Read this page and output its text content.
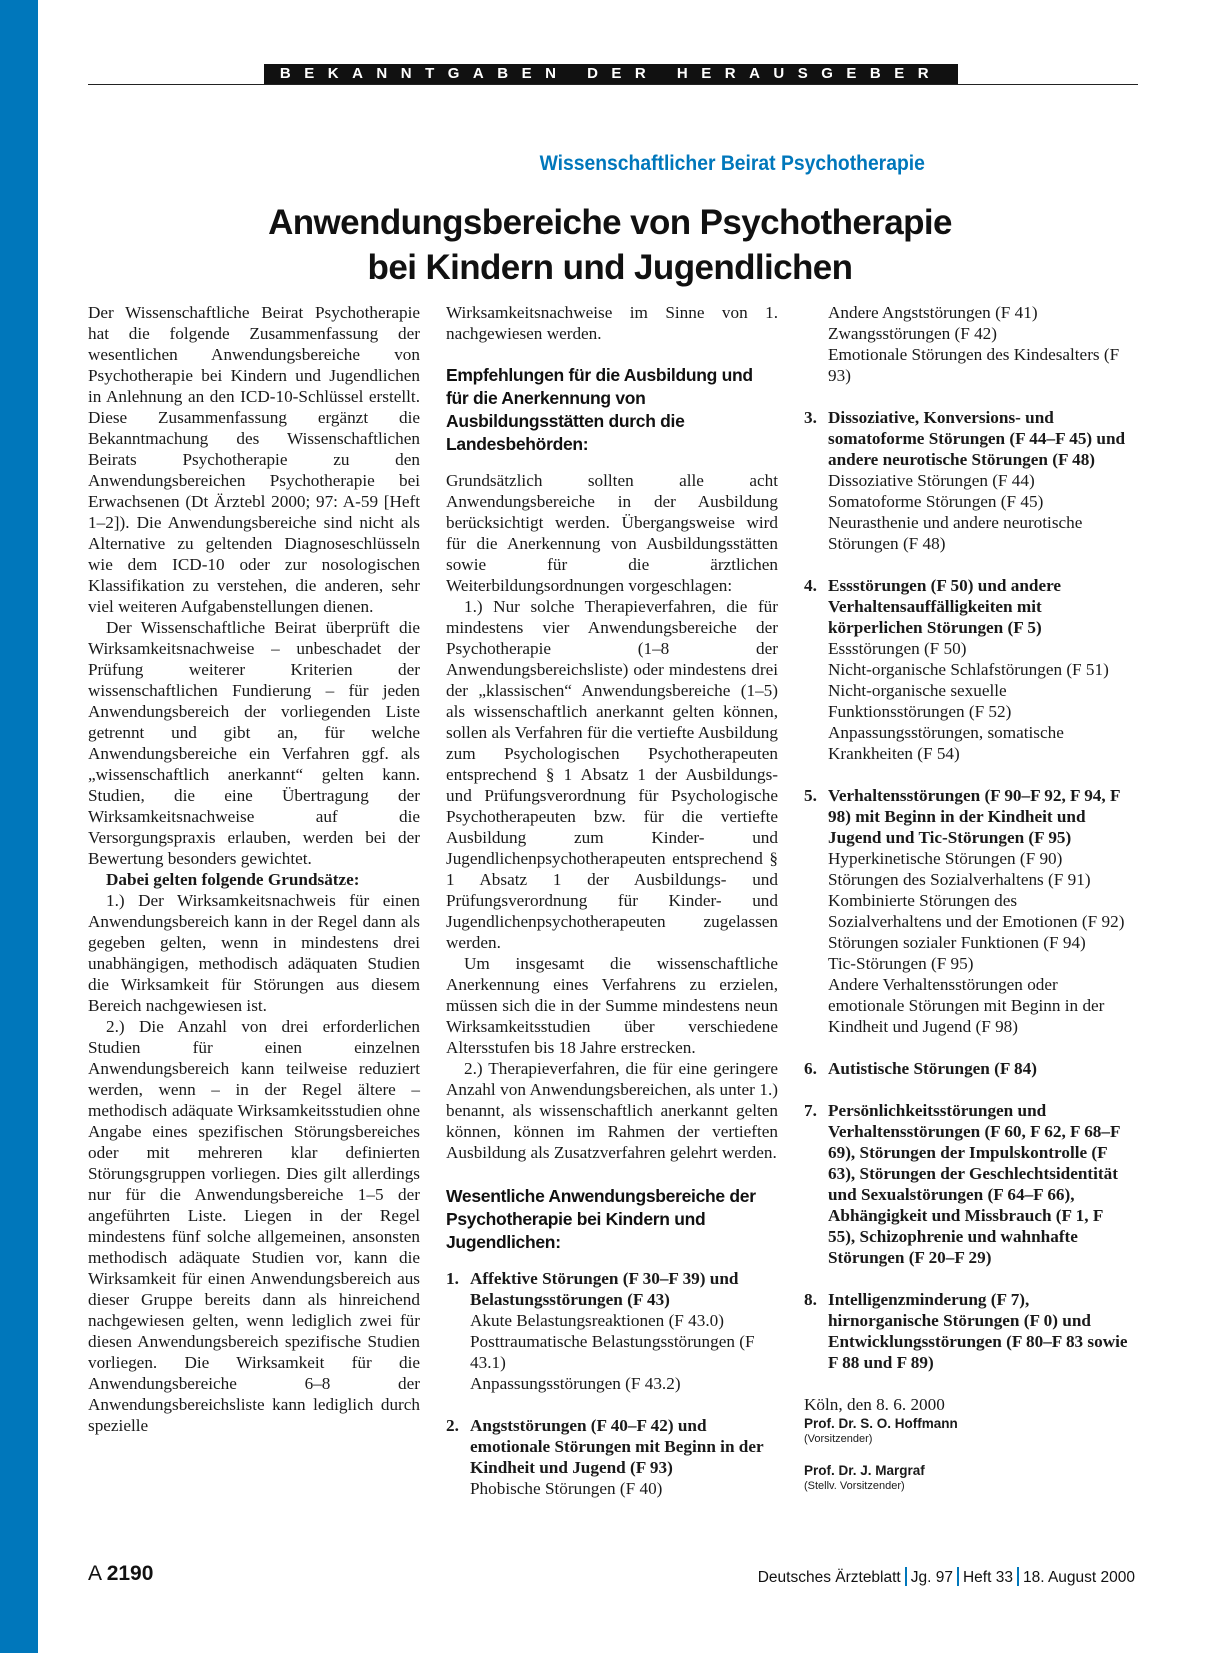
BEKANNTGABEN DER HERAUSGEBER
Wissenschaftlicher Beirat Psychotherapie
Anwendungsbereiche von Psychotherapie
bei Kindern und Jugendlichen

Der Wissenschaftliche Beirat Psychotherapie hat die folgende Zusammenfassung der wesentlichen Anwendungsbereiche von Psychotherapie bei Kindern und Jugendlichen in Anlehnung an den ICD-10-Schlüssel erstellt. Diese Zusammenfassung ergänzt die Bekanntmachung des Wissenschaftlichen Beirats Psychotherapie zu den Anwendungsbereichen Psychotherapie bei Erwachsenen (Dt Ärztebl 2000; 97: A-59 [Heft 1–2]). Die Anwendungsbereiche sind nicht als Alternative zu geltenden Diagnoseschlüsseln wie dem ICD-10 oder zur nosologischen Klassifikation zu verstehen, die anderen, sehr viel weiteren Aufgabenstellungen dienen.

Der Wissenschaftliche Beirat überprüft die Wirksamkeitsnachweise – unbeschadet der Prüfung weiterer Kriterien der wissenschaftlichen Fundierung – für jeden Anwendungsbereich der vorliegenden Liste getrennt und gibt an, für welche Anwendungsbereiche ein Verfahren ggf. als „wissenschaftlich anerkannt“ gelten kann. Studien, die eine Übertragung der Wirksamkeitsnachweise auf die Versorgungspraxis erlauben, werden bei der Bewertung besonders gewichtet.

Dabei gelten folgende Grundsätze:

1.) Der Wirksamkeitsnachweis für einen Anwendungsbereich kann in der Regel dann als gegeben gelten, wenn in mindestens drei unabhängigen, methodisch adäquaten Studien die Wirksamkeit für Störungen aus diesem Bereich nachgewiesen ist.

2.) Die Anzahl von drei erforderlichen Studien für einen einzelnen Anwendungsbereich kann teilweise reduziert werden, wenn – in der Regel ältere – methodisch adäquate Wirksamkeitsstudien ohne Angabe eines spezifischen Störungsbereiches oder mit mehreren klar definierten Störungsgruppen vorliegen. Dies gilt allerdings nur für die Anwendungsbereiche 1–5 der angeführten Liste. Liegen in der Regel mindestens fünf solche allgemeinen, ansonsten methodisch adäquate Studien vor, kann die Wirksamkeit für einen Anwendungsbereich aus dieser Gruppe bereits dann als hinreichend nachgewiesen gelten, wenn lediglich zwei für diesen Anwendungsbereich spezifische Studien vorliegen. Die Wirksamkeit für die Anwendungsbereiche 6–8 der Anwendungsbereichsliste kann lediglich durch spezielle

Wirksamkeitsnachweise im Sinne von 1. nachgewiesen werden.

Empfehlungen für die Ausbildung und für die Anerkennung von Ausbildungsstätten durch die Landesbehörden:

Grundsätzlich sollten alle acht Anwendungsbereiche in der Ausbildung berücksichtigt werden. Übergangsweise wird für die Anerkennung von Ausbildungsstätten sowie für die ärztlichen Weiterbildungsordnungen vorgeschlagen:

1.) Nur solche Therapieverfahren, die für mindestens vier Anwendungsbereiche der Psychotherapie (1–8 der Anwendungsbereichsliste) oder mindestens drei der „klassischen“ Anwendungsbereiche (1–5) als wissenschaftlich anerkannt gelten können, sollen als Verfahren für die vertiefte Ausbildung zum Psychologischen Psychotherapeuten entsprechend § 1 Absatz 1 der Ausbildungs- und Prüfungsverordnung für Psychologische Psychotherapeuten bzw. für die vertiefte Ausbildung zum Kinder- und Jugendlichenpsychotherapeuten entsprechend § 1 Absatz 1 der Ausbildungs- und Prüfungsverordnung für Kinder- und Jugendlichenpsychotherapeuten zugelassen werden.

Um insgesamt die wissenschaftliche Anerkennung eines Verfahrens zu erzielen, müssen sich die in der Summe mindestens neun Wirksamkeitsstudien über verschiedene Altersstufen bis 18 Jahre erstrecken.

2.) Therapieverfahren, die für eine geringere Anzahl von Anwendungsbereichen, als unter 1.) benannt, als wissenschaftlich anerkannt gelten können, können im Rahmen der vertieften Ausbildung als Zusatzverfahren gelehrt werden.

Wesentliche Anwendungsbereiche der Psychotherapie bei Kindern und Jugendlichen:
1. Affektive Störungen (F 30–F 39) und Belastungsstörungen (F 43)
Akute Belastungsreaktionen (F 43.0)
Posttraumatische Belastungsstörungen (F 43.1)
Anpassungsstörungen (F 43.2)
2. Angststörungen (F 40–F 42) und emotionale Störungen mit Beginn in der Kindheit und Jugend (F 93)
Phobische Störungen (F 40)
Andere Angststörungen (F 41)
Zwangsstörungen (F 42)
Emotionale Störungen des Kindesalters (F 93)
3. Dissoziative, Konversions- und somatoforme Störungen (F 44–F 45) und andere neurotische Störungen (F 48)
Dissoziative Störungen (F 44)
Somatoforme Störungen (F 45)
Neurasthenie und andere neurotische Störungen (F 48)
4. Essstörungen (F 50) und andere Verhaltensauffälligkeiten mit körperlichen Störungen (F 5)
Essstörungen (F 50)
Nicht-organische Schlafstörungen (F 51)
Nicht-organische sexuelle Funktionsstörungen (F 52)
Anpassungsstörungen, somatische Krankheiten (F 54)
5. Verhaltensstörungen (F 90–F 92, F 94, F 98) mit Beginn in der Kindheit und Jugend und Tic-Störungen (F 95)
Hyperkinetische Störungen (F 90)
Störungen des Sozialverhaltens (F 91)
Kombinierte Störungen des Sozialverhaltens und der Emotionen (F 92)
Störungen sozialer Funktionen (F 94)
Tic-Störungen (F 95)
Andere Verhaltensstörungen oder emotionale Störungen mit Beginn in der Kindheit und Jugend (F 98)
6. Autistische Störungen (F 84)
7. Persönlichkeitsstörungen und Verhaltensstörungen (F 60, F 62, F 68–F 69), Störungen der Impulskontrolle (F 63), Störungen der Geschlechtsidentität und Sexualstörungen (F 64–F 66), Abhängigkeit und Missbrauch (F 1, F 55), Schizophrenie und wahnhafte Störungen (F 20–F 29)
8. Intelligenzminderung (F 7), hirnorganische Störungen (F 0) und Entwicklungsstörungen (F 80–F 83 sowie F 88 und F 89)

Köln, den 8. 6. 2000

Prof. Dr. S. O. Hoffmann
(Vorsitzender)
Prof. Dr. J. Margraf
(Stellv. Vorsitzender)
A 2190	Deutsches Ärzteblatt Jg. 97 Heft 33 18. August 2000
